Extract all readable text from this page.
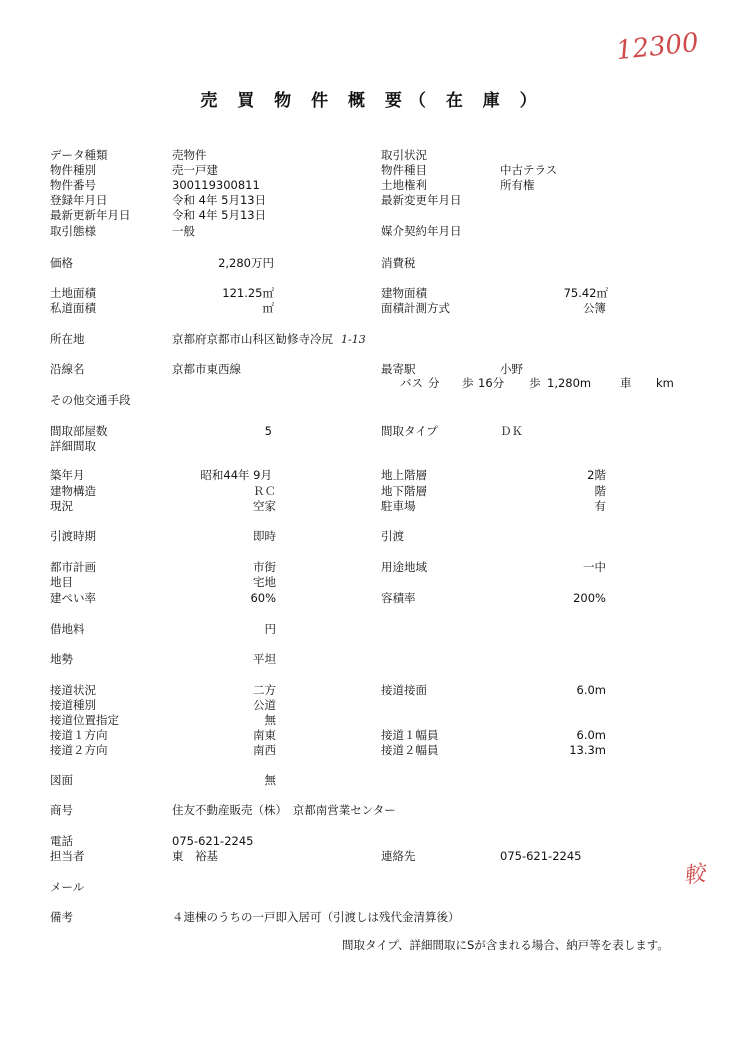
売 買 物 件 概 要（ 在 庫 ）
12300
較
1-13
データ種類	売物件
物件種別	売一戸建
物件番号	300119300811
登録年月日	令和 4年 5月13日
最新更新年月日	令和 4年 5月13日
取引態様	一般
価格	2,280万円
土地面積	121.25㎡
私道面積	㎡
所在地	京都府京都市山科区勧修寺冷尻
沿線名	京都市東西線
その他交通手段
間取部屋数	5
詳細間取
築年月	昭和44年 9月
建物構造	ＲＣ
現況	空家
引渡時期	即時
都市計画	市街
地目	宅地
建ぺい率	60%
借地料	円
地勢	平坦
接道状況	二方
接道種別	公道
接道位置指定	無
接道１方向	南東
接道２方向	南西
図面	無
商号	住友不動産販売（株）　京都南営業センター
電話	075-621-2245
担当者	東　裕基
メール
備考	４連棟のうちの一戸即入居可（引渡しは残代金清算後）
取引状況
物件種目	中古テラス
土地権利	所有権
最新変更年月日
媒介契約年月日
消費税
建物面積	75.42㎡
面積計測方式	公簿
最寄駅	小野
間取タイプ	ＤＫ
地上階層	2階
地下階層	階
駐車場	有
引渡
用途地域	一中
容積率	200%
接道接面	6.0m
接道１幅員	6.0m
接道２幅員	13.3m
連絡先	075-621-2245
バス 分 歩 16分 歩 1,280m	車 km
間取タイプ、詳細間取にSが含まれる場合、納戸等を表します。
